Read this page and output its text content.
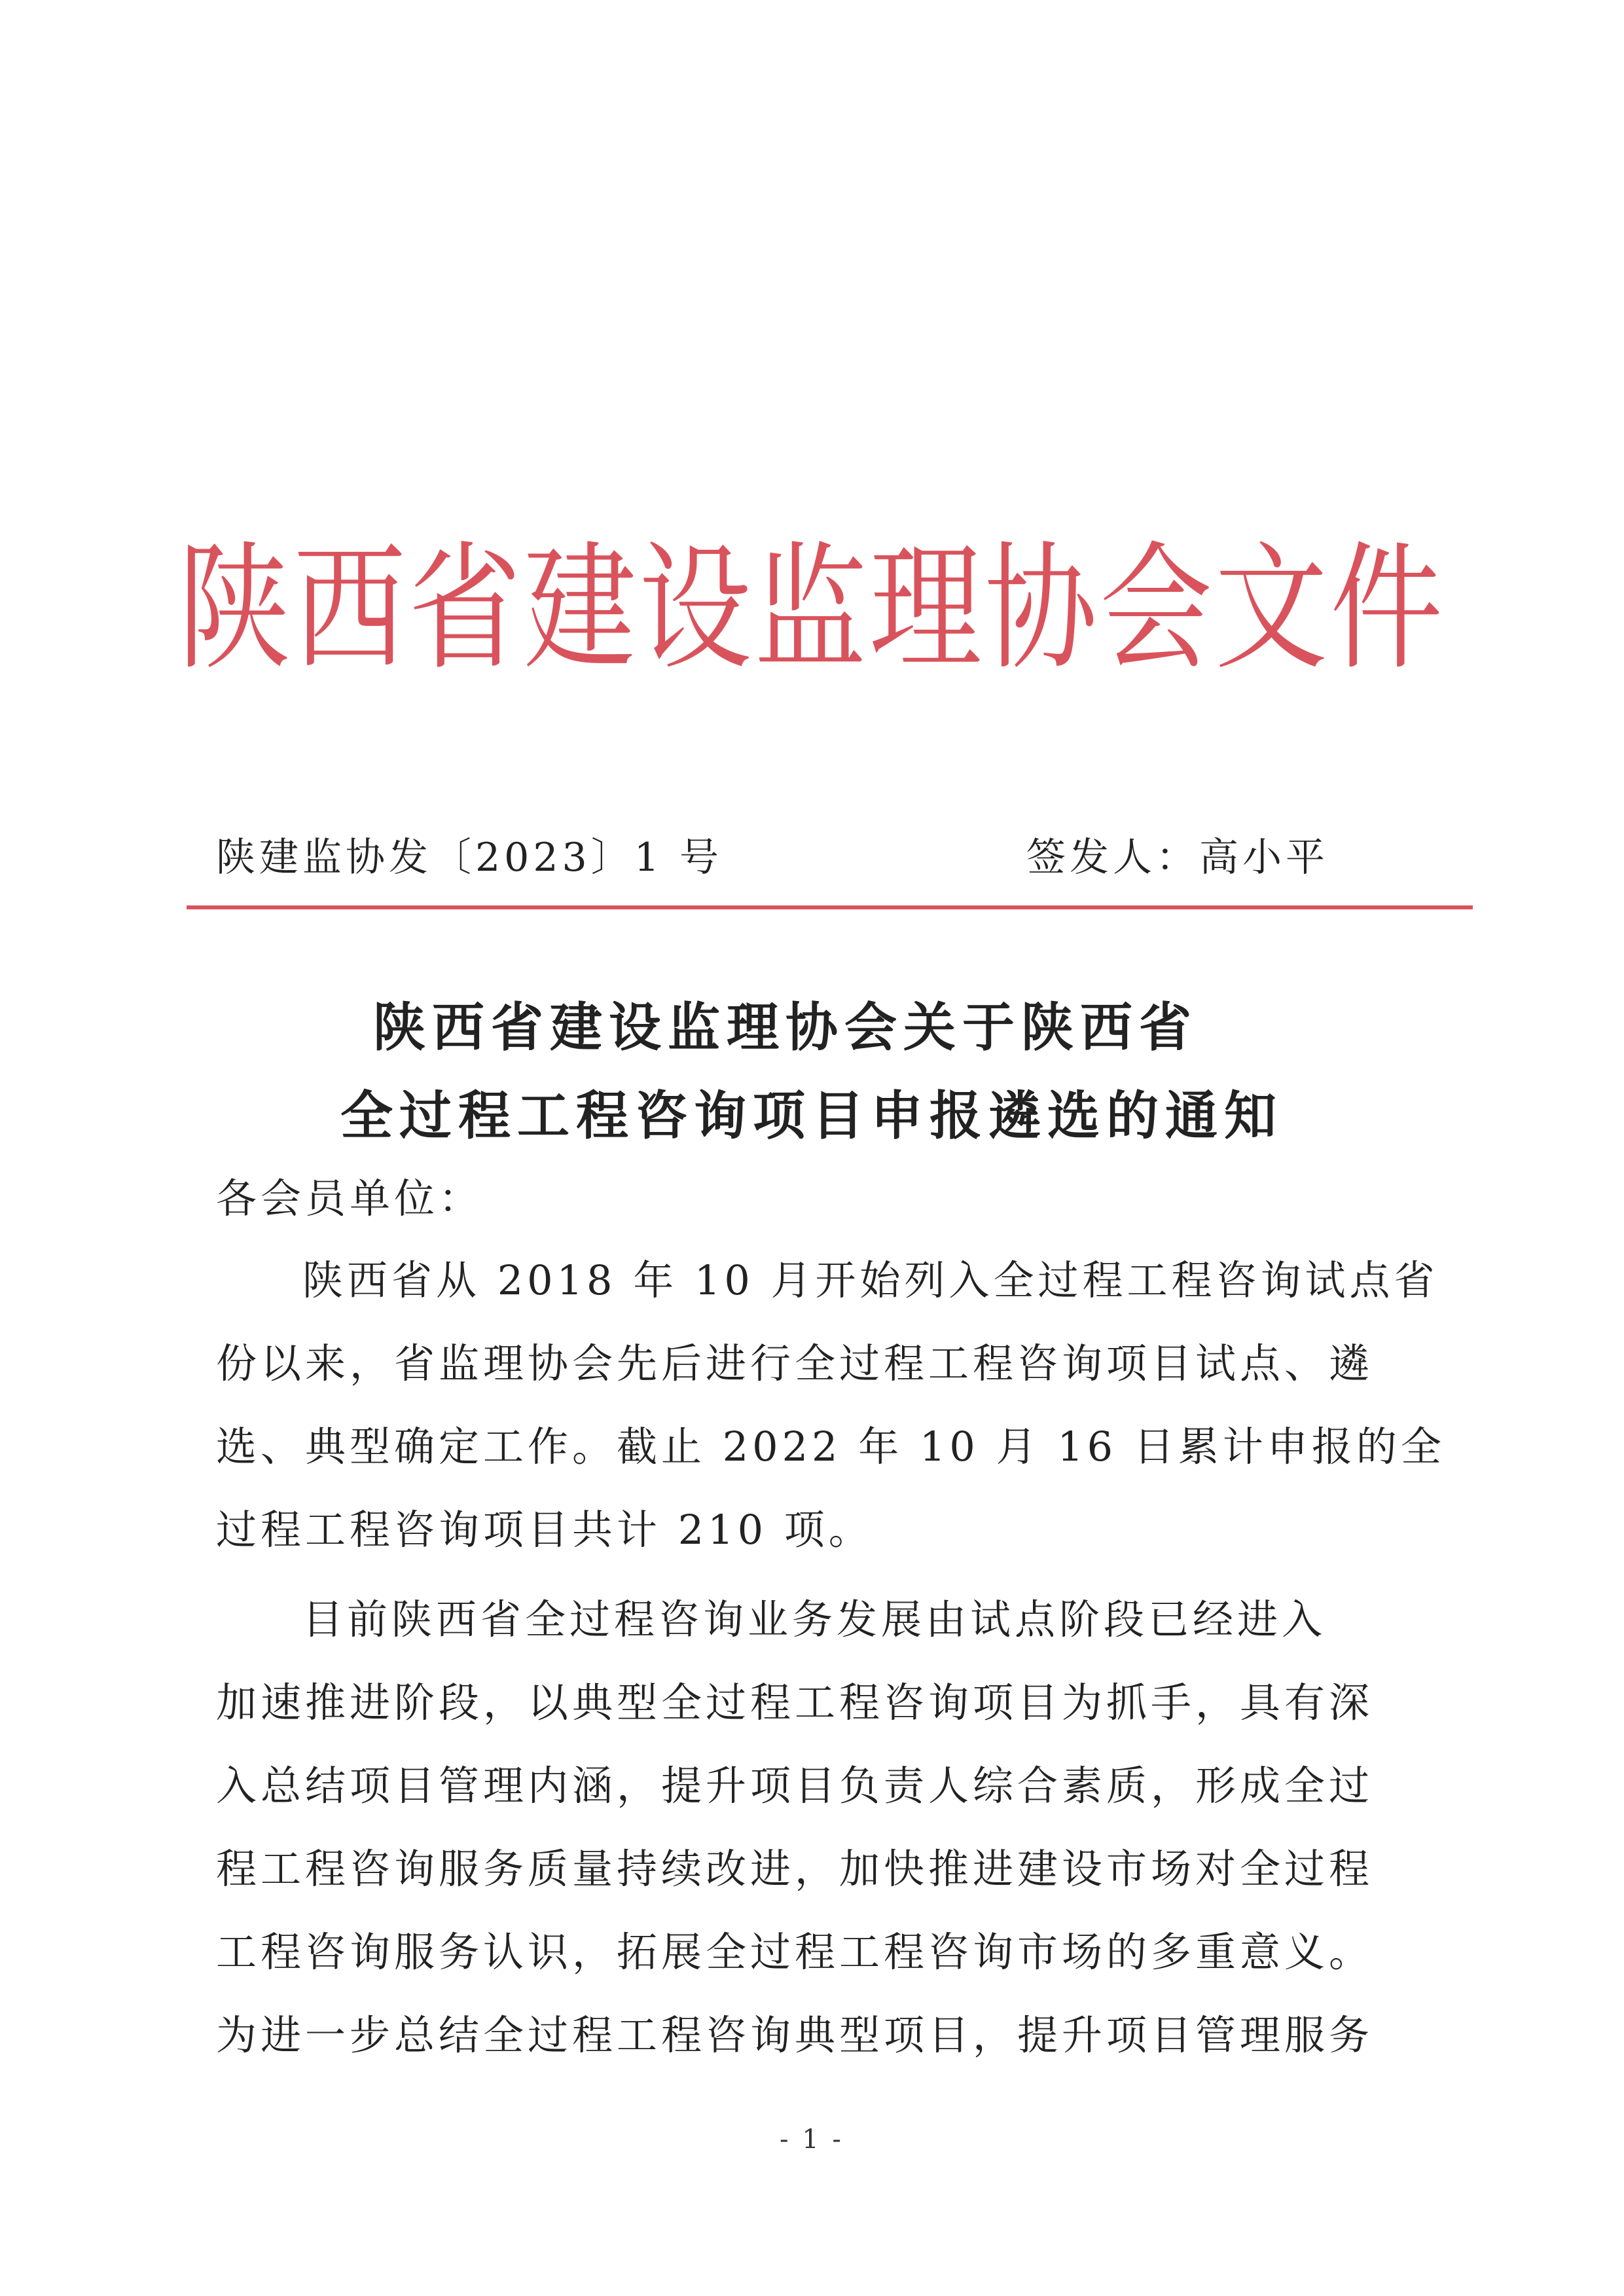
陕西省建设监理协会文件
陕建监协发〔2023〕1 号	签发人：高小平
陕西省建设监理协会关于陕西省
全过程工程咨询项目申报遴选的通知
各会员单位：
陕西省从 2018 年 10 月开始列入全过程工程咨询试点省
份以来，省监理协会先后进行全过程工程咨询项目试点、遴
选、典型确定工作。截止 2022 年 10 月 16 日累计申报的全
过程工程咨询项目共计 210 项。
目前陕西省全过程咨询业务发展由试点阶段已经进入
加速推进阶段，以典型全过程工程咨询项目为抓手，具有深
入总结项目管理内涵，提升项目负责人综合素质，形成全过
程工程咨询服务质量持续改进，加快推进建设市场对全过程
工程咨询服务认识，拓展全过程工程咨询市场的多重意义。
为进一步总结全过程工程咨询典型项目，提升项目管理服务
- 1 -
